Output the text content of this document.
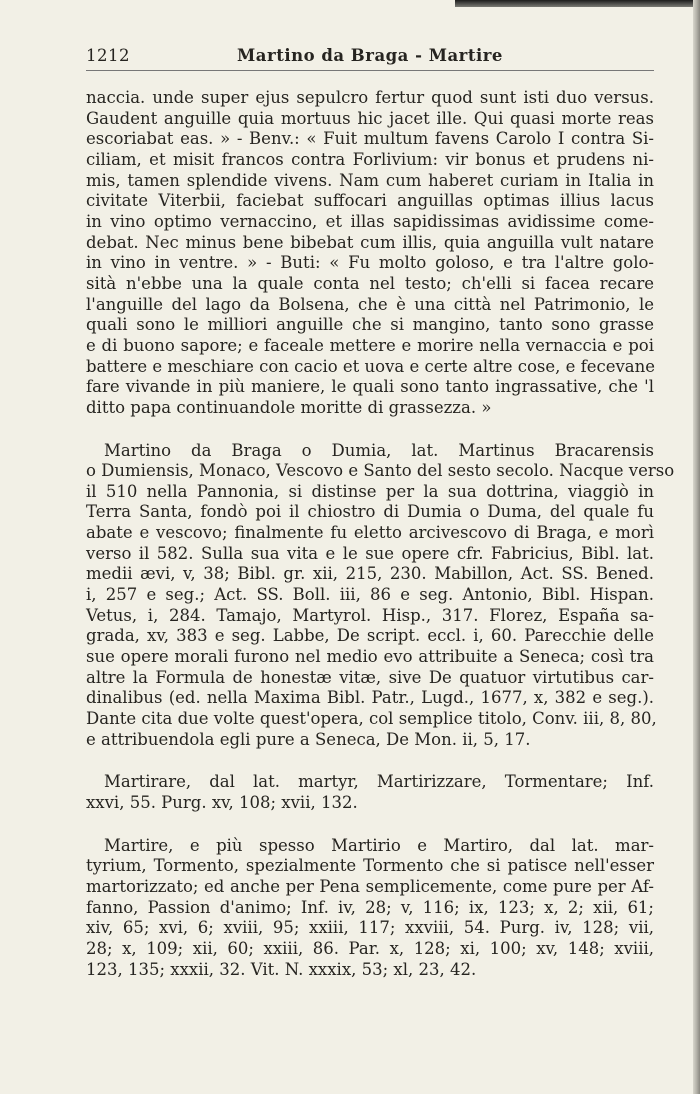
1212	Martino da Braga - Martire

naccia. unde super ejus sepulcro fertur quod sunt isti duo versus.
Gaudent anguille quia mortuus hic jacet ille. Qui quasi morte reas
escoriabat eas. » - Benv.: « Fuit multum favens Carolo I contra Si-
ciliam, et misit francos contra Forlivium: vir bonus et prudens ni-
mis, tamen splendide vivens. Nam cum haberet curiam in Italia in
civitate Viterbii, faciebat suffocari anguillas optimas illius lacus
in vino optimo vernaccino, et illas sapidissimas avidissime come-
debat. Nec minus bene bibebat cum illis, quia anguilla vult natare
in vino in ventre. » - Buti: « Fu molto goloso, e tra l'altre golo-
sità n'ebbe una la quale conta nel testo; ch'elli si facea recare
l'anguille del lago da Bolsena, che è una città nel Patrimonio, le
quali sono le milliori anguille che si mangino, tanto sono grasse
e di buono sapore; e faceale mettere e morire nella vernaccia e poi
battere e meschiare con cacio et uova e certe altre cose, e fecevane
fare vivande in più maniere, le quali sono tanto ingrassative, che 'l
ditto papa continuandole moritte di grassezza. »

Martino da Braga o Dumia, lat. Martinus Bracarensis
o Dumiensis, Monaco, Vescovo e Santo del sesto secolo. Nacque verso
il 510 nella Pannonia, si distinse per la sua dottrina, viaggiò in
Terra Santa, fondò poi il chiostro di Dumia o Duma, del quale fu
abate e vescovo; finalmente fu eletto arcivescovo di Braga, e morì
verso il 582. Sulla sua vita e le sue opere cfr. Fabricius, Bibl. lat.
medii ævi, v, 38; Bibl. gr. xii, 215, 230. Mabillon, Act. SS. Bened.
i, 257 e seg.; Act. SS. Boll. iii, 86 e seg. Antonio, Bibl. Hispan.
Vetus, i, 284. Tamajo, Martyrol. Hisp., 317. Florez, España sa-
grada, xv, 383 e seg. Labbe, De script. eccl. i, 60. Parecchie delle
sue opere morali furono nel medio evo attribuite a Seneca; così tra
altre la Formula de honestæ vitæ, sive De quatuor virtutibus car-
dinalibus (ed. nella Maxima Bibl. Patr., Lugd., 1677, x, 382 e seg.).
Dante cita due volte quest'opera, col semplice titolo, Conv. iii, 8, 80,
e attribuendola egli pure a Seneca, De Mon. ii, 5, 17.

Martirare, dal lat. martyr, Martirizzare, Tormentare; Inf.
xxvi, 55. Purg. xv, 108; xvii, 132.

Martire, e più spesso Martirio e Martiro, dal lat. mar-
tyrium, Tormento, spezialmente Tormento che si patisce nell'esser
martorizzato; ed anche per Pena semplicemente, come pure per Af-
fanno, Passion d'animo; Inf. iv, 28; v, 116; ix, 123; x, 2; xii, 61;
xiv, 65; xvi, 6; xviii, 95; xxiii, 117; xxviii, 54. Purg. iv, 128; vii,
28; x, 109; xii, 60; xxiii, 86. Par. x, 128; xi, 100; xv, 148; xviii,
123, 135; xxxii, 32. Vit. N. xxxix, 53; xl, 23, 42.
